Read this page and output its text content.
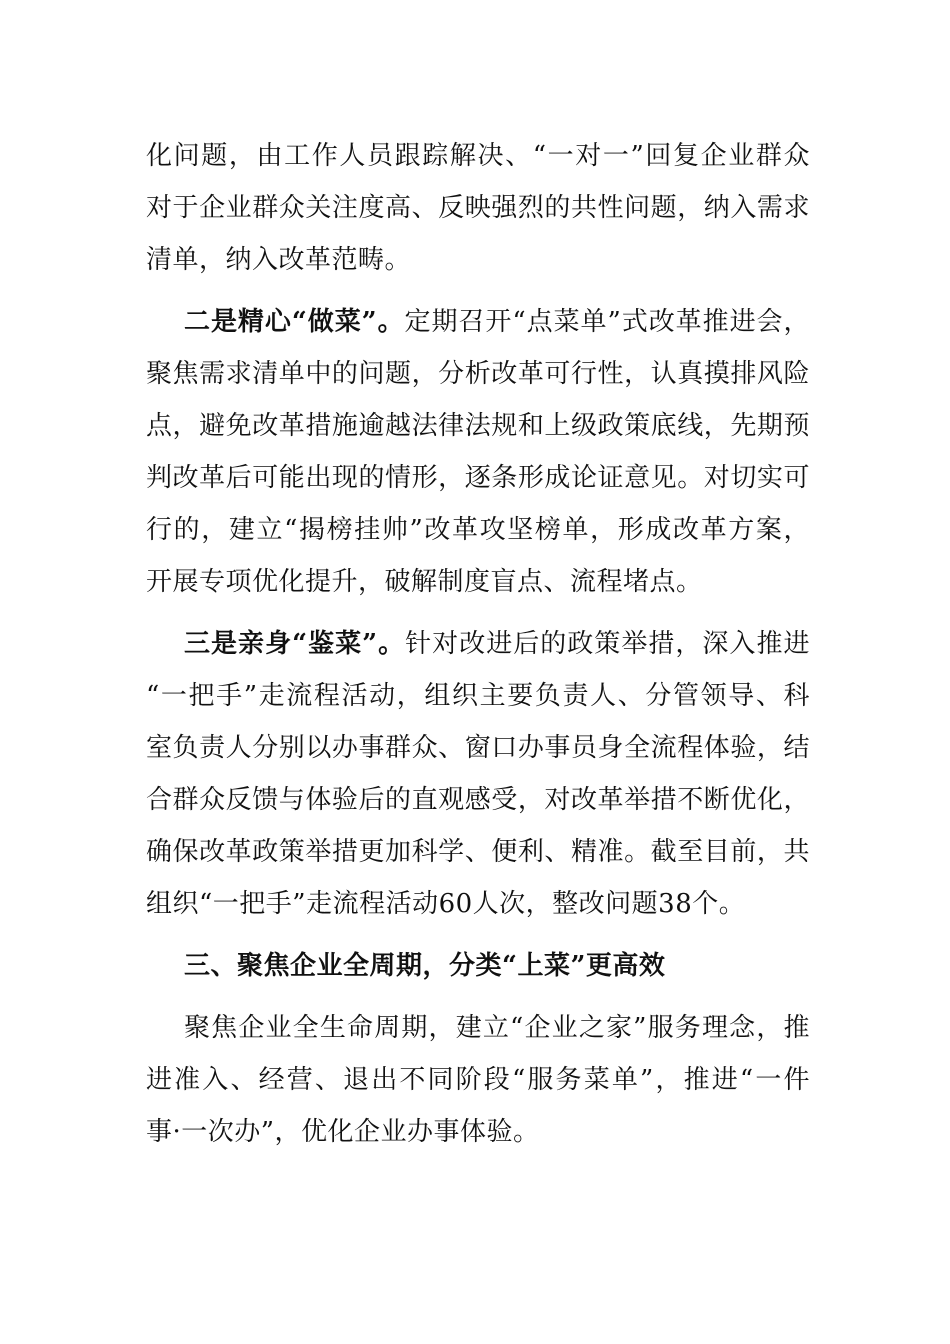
化问题，由工作人员跟踪解决、“一对一”回复企业群众
对于企业群众关注度高、反映强烈的共性问题，纳入需求
清单，纳入改革范畴。
二是精心“做菜”。定期召开“点菜单”式改革推进会，
聚焦需求清单中的问题，分析改革可行性，认真摸排风险
点，避免改革措施逾越法律法规和上级政策底线，先期预
判改革后可能出现的情形，逐条形成论证意见。对切实可
行的，建立“揭榜挂帅”改革攻坚榜单，形成改革方案，
开展专项优化提升，破解制度盲点、流程堵点。
三是亲身“鉴菜”。针对改进后的政策举措，深入推进
“一把手”走流程活动，组织主要负责人、分管领导、科
室负责人分别以办事群众、窗口办事员身全流程体验，结
合群众反馈与体验后的直观感受，对改革举措不断优化，
确保改革政策举措更加科学、便利、精准。截至目前，共
组织“一把手”走流程活动60人次，整改问题38个。
三、聚焦企业全周期，分类“上菜”更高效
聚焦企业全生命周期，建立“企业之家”服务理念，推
进准入、经营、退出不同阶段“服务菜单”，推进“一件
事·一次办”，优化企业办事体验。
